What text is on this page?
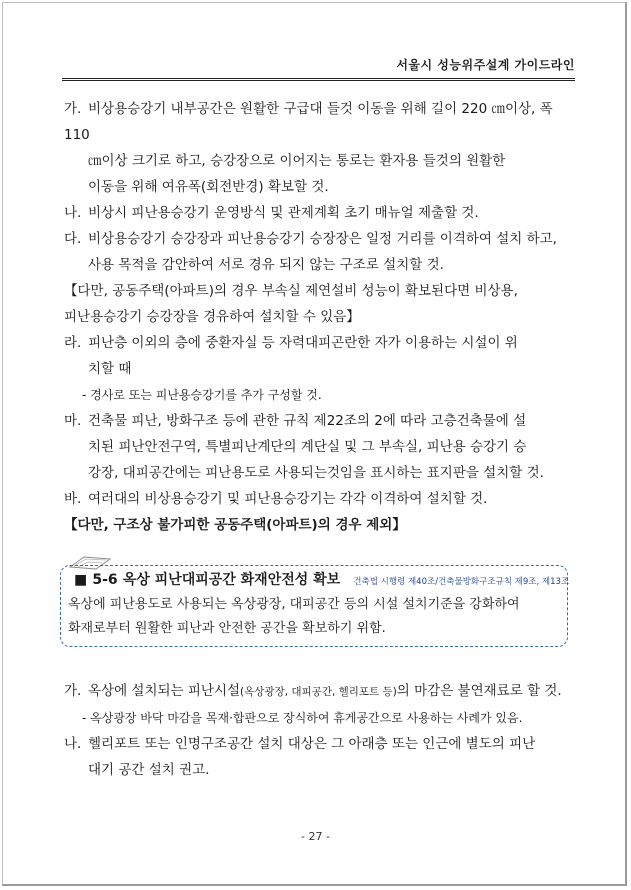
서울시 성능위주설계 가이드라인
가. 비상용승강기 내부공간은 원활한 구급대 들것 이동을 위해 길이 220 ㎝이상, 폭 110
㎝이상 크기로 하고, 승강장으로 이어지는 통로는 환자용 들것의 원활한
이동을 위해 여유폭(회전반경) 확보할 것.
나. 비상시 피난용승강기 운영방식 및 관제계획 초기 매뉴얼 제출할 것.
다. 비상용승강기 승강장과 피난용승강기 승장장은 일정 거리를 이격하여 설치 하고,
사용 목적을 감안하여 서로 경유 되지 않는 구조로 설치할 것.
【다만, 공동주택(아파트)의 경우 부속실 제연설비 성능이 확보된다면 비상용,
피난용승강기 승강장을 경유하여 설치할 수 있음】
라. 피난층 이외의 층에 중환자실 등 자력대피곤란한 자가 이용하는 시설이 위
치할 때
- 경사로 또는 피난용승강기를 추가 구성할 것.
마. 건축물 피난, 방화구조 등에 관한 규칙 제22조의 2에 따라 고층건축물에 설
치된 피난안전구역, 특별피난계단의 계단실 및 그 부속실, 피난용 승강기 승
강장, 대피공간에는 피난용도로 사용되는것임을 표시하는 표지판을 설치할 것.
바. 여러대의 비상용승강기 및 피난용승강기는 각각 이격하여 설치할 것.
【다만, 구조상 불가피한 공동주택(아파트)의 경우 제외】
■ 5-6 옥상 피난대피공간 화재안전성 확보 건축법 시행령 제40조/건축물방화구조규칙 제9조, 제13조
옥상에 피난용도로 사용되는 옥상광장, 대피공간 등의 시설 설치기준을 강화하여
화재로부터 원활한 피난과 안전한 공간을 확보하기 위함.
가. 옥상에 설치되는 피난시설(옥상광장, 대피공간, 헬리포트 등)의 마감은 불연재료로 할 것.
- 옥상광장 바닥 마감을 목재·합판으로 장식하여 휴게공간으로 사용하는 사례가 있음.
나. 헬리포트 또는 인명구조공간 설치 대상은 그 아래층 또는 인근에 별도의 피난
대기 공간 설치 권고.
- 27 -
